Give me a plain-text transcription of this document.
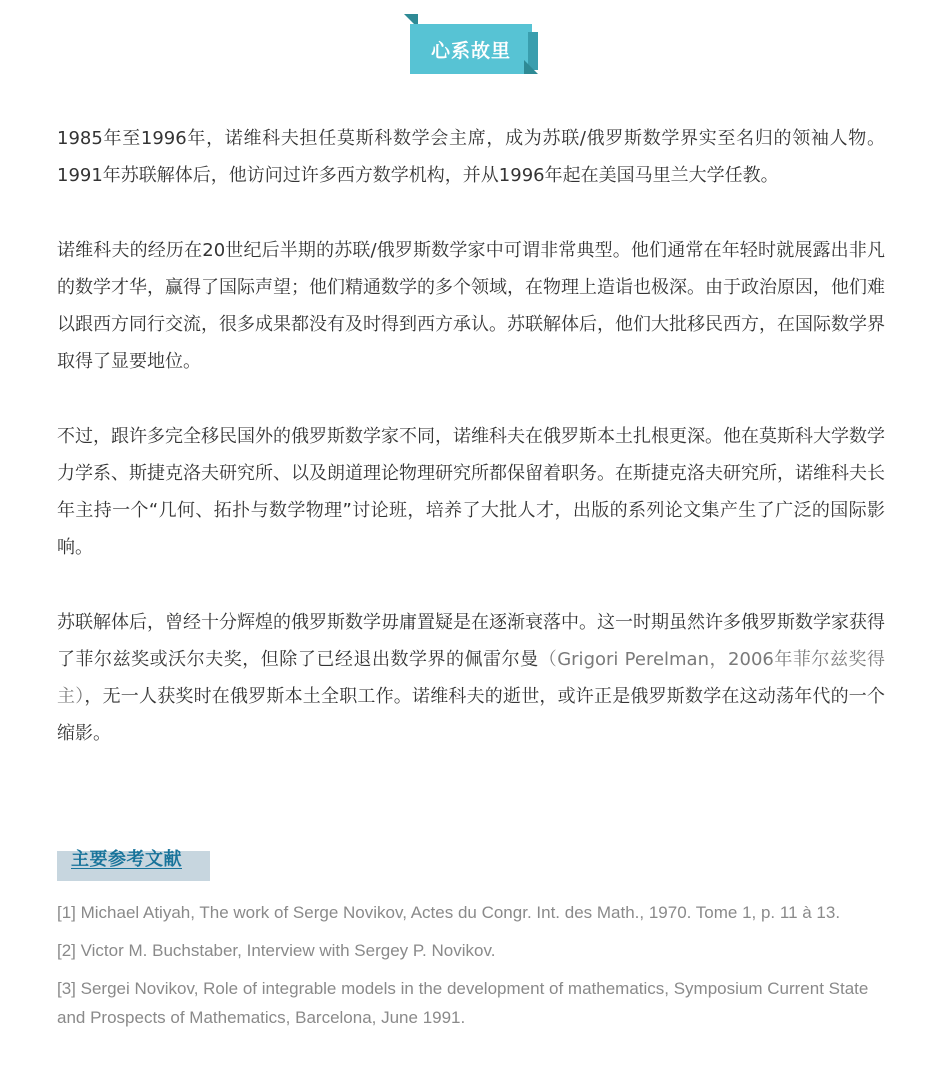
心系故里

1985年至1996年，诺维科夫担任莫斯科数学会主席，成为苏联/俄罗斯数学界实至名归的领袖人物。1991年苏联解体后，他访问过许多西方数学机构，并从1996年起在美国马里兰大学任教。

诺维科夫的经历在20世纪后半期的苏联/俄罗斯数学家中可谓非常典型。他们通常在年轻时就展露出非凡的数学才华，赢得了国际声望；他们精通数学的多个领域，在物理上造诣也极深。由于政治原因，他们难以跟西方同行交流，很多成果都没有及时得到西方承认。苏联解体后，他们大批移民西方，在国际数学界取得了显要地位。

不过，跟许多完全移民国外的俄罗斯数学家不同，诺维科夫在俄罗斯本土扎根更深。他在莫斯科大学数学力学系、斯捷克洛夫研究所、以及朗道理论物理研究所都保留着职务。在斯捷克洛夫研究所，诺维科夫长年主持一个“几何、拓扑与数学物理”讨论班，培养了大批人才，出版的系列论文集产生了广泛的国际影响。

苏联解体后，曾经十分辉煌的俄罗斯数学毋庸置疑是在逐渐衰落中。这一时期虽然许多俄罗斯数学家获得了菲尔兹奖或沃尔夫奖，但除了已经退出数学界的佩雷尔曼（Grigori Perelman，2006年菲尔兹奖得主），无一人获奖时在俄罗斯本土全职工作。诺维科夫的逝世，或许正是俄罗斯数学在这动荡年代的一个缩影。

主要参考文献

[1] Michael Atiyah, The work of Serge Novikov, Actes du Congr. Int. des Math., 1970. Tome 1, p. 11 à 13.

[2] Victor M. Buchstaber, Interview with Sergey P. Novikov.

[3] Sergei Novikov, Role of integrable models in the development of mathematics, Symposium Current State and Prospects of Mathematics, Barcelona, June 1991.
